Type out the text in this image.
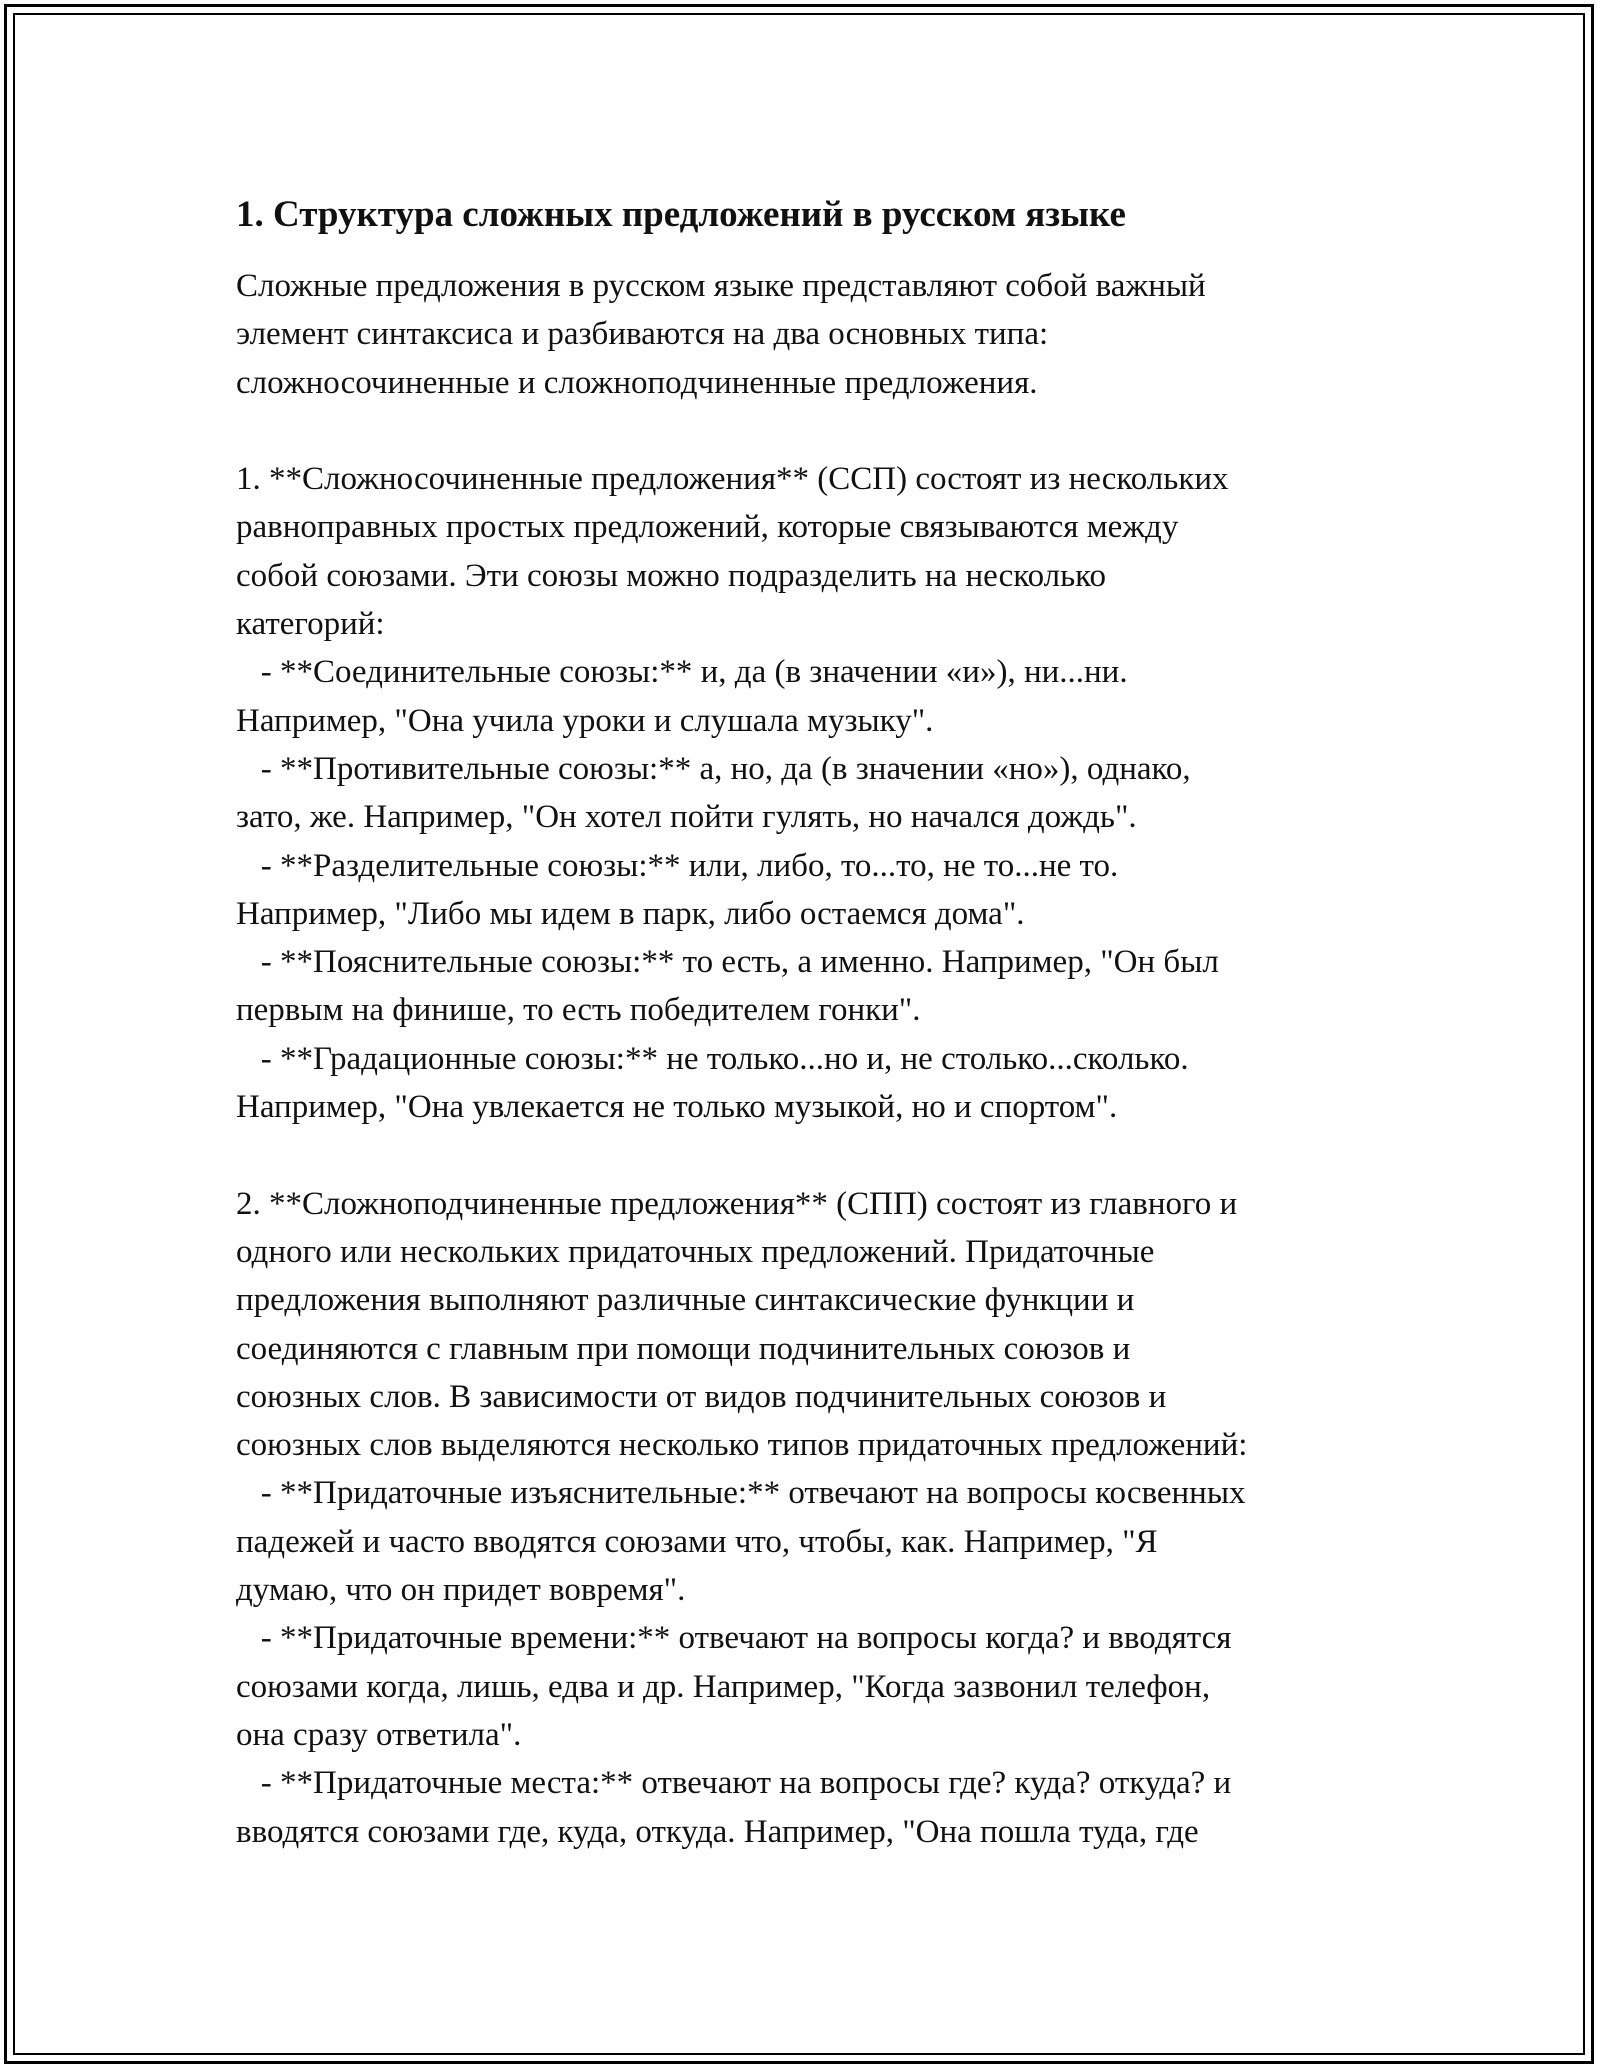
1. Структура сложных предложений в русском языке

Сложные предложения в русском языке представляют собой важный

элемент синтаксиса и разбиваются на два основных типа:

сложносочиненные и сложноподчиненные предложения.

1. **Сложносочиненные предложения** (ССП) состоят из нескольких

равноправных простых предложений, которые связываются между

собой союзами. Эти союзы можно подразделить на несколько

категорий:

- **Соединительные союзы:** и, да (в значении «и»), ни...ни.

Например, "Она учила уроки и слушала музыку".

- **Противительные союзы:** а, но, да (в значении «но»), однако,

зато, же. Например, "Он хотел пойти гулять, но начался дождь".

- **Разделительные союзы:** или, либо, то...то, не то...не то.

Например, "Либо мы идем в парк, либо остаемся дома".

- **Пояснительные союзы:** то есть, а именно. Например, "Он был

первым на финише, то есть победителем гонки".

- **Градационные союзы:** не только...но и, не столько...сколько.

Например, "Она увлекается не только музыкой, но и спортом".

2. **Сложноподчиненные предложения** (СПП) состоят из главного и

одного или нескольких придаточных предложений. Придаточные

предложения выполняют различные синтаксические функции и

соединяются с главным при помощи подчинительных союзов и

союзных слов. В зависимости от видов подчинительных союзов и

союзных слов выделяются несколько типов придаточных предложений:

- **Придаточные изъяснительные:** отвечают на вопросы косвенных

падежей и часто вводятся союзами что, чтобы, как. Например, "Я

думаю, что он придет вовремя".

- **Придаточные времени:** отвечают на вопросы когда? и вводятся

союзами когда, лишь, едва и др. Например, "Когда зазвонил телефон,

она сразу ответила".

- **Придаточные места:** отвечают на вопросы где? куда? откуда? и

вводятся союзами где, куда, откуда. Например, "Она пошла туда, где
